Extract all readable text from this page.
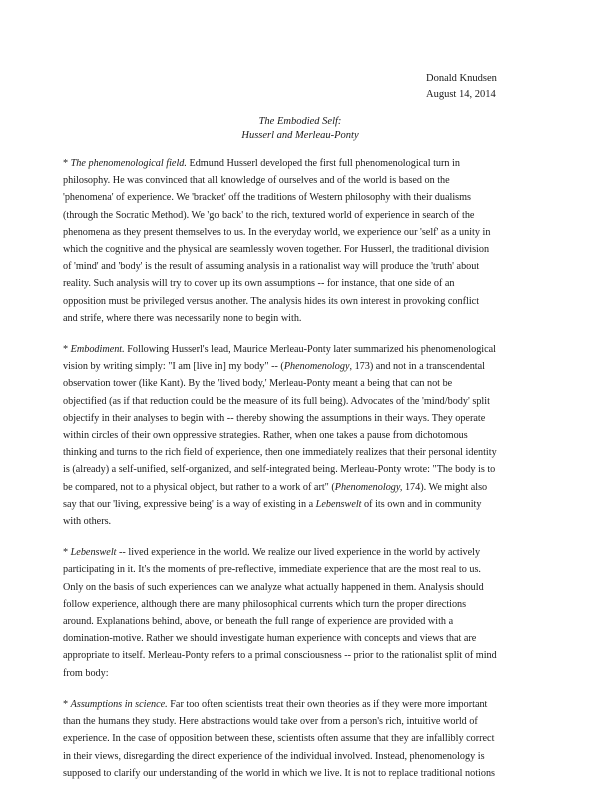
Donald Knudsen
August 14, 2014
The Embodied Self:
Husserl and Merleau-Ponty
* The phenomenological field. Edmund Husserl developed the first full phenomenological turn in
philosophy. He was convinced that all knowledge of ourselves and of the world is based on the
'phenomena' of experience. We 'bracket' off the traditions of Western philosophy with their dualisms
(through the Socratic Method). We 'go back' to the rich, textured world of experience in search of the
phenomena as they present themselves to us. In the everyday world, we experience our 'self' as a unity in
which the cognitive and the physical are seamlessly woven together. For Husserl, the traditional division
of 'mind' and 'body' is the result of assuming analysis in a rationalist way will produce the 'truth' about
reality. Such analysis will try to cover up its own assumptions -- for instance, that one side of an
opposition must be privileged versus another. The analysis hides its own interest in provoking conflict
and strife, where there was necessarily none to begin with.
* Embodiment. Following Husserl's lead, Maurice Merleau-Ponty later summarized his phenomenological
vision by writing simply: "I am [live in] my body" -- (Phenomenology, 173) and not in a transcendental
observation tower (like Kant). By the 'lived body,' Merleau-Ponty meant a being that can not be
objectified (as if that reduction could be the measure of its full being). Advocates of the 'mind/body' split
objectify in their analyses to begin with -- thereby showing the assumptions in their ways. They operate
within circles of their own oppressive strategies. Rather, when one takes a pause from dichotomous
thinking and turns to the rich field of experience, then one immediately realizes that their personal identity
is (already) a self-unified, self-organized, and self-integrated being. Merleau-Ponty wrote: "The body is to
be compared, not to a physical object, but rather to a work of art" (Phenomenology, 174). We might also
say that our 'living, expressive being' is a way of existing in a Lebenswelt of its own and in community
with others.
* Lebenswelt -- lived experience in the world. We realize our lived experience in the world by actively
participating in it. It's the moments of pre-reflective, immediate experience that are the most real to us.
Only on the basis of such experiences can we analyze what actually happened in them. Analysis should
follow experience, although there are many philosophical currents which turn the proper directions
around. Explanations behind, above, or beneath the full range of experience are provided with a
domination-motive. Rather we should investigate human experience with concepts and views that are
appropriate to itself. Merleau-Ponty refers to a primal consciousness -- prior to the rationalist split of mind
from body:
* Assumptions in science. Far too often scientists treat their own theories as if they were more important
than the humans they study. Here abstractions would take over from a person's rich, intuitive world of
experience. In the case of opposition between these, scientists often assume that they are infallibly correct
in their views, disregarding the direct experience of the individual involved. Instead, phenomenology is
supposed to clarify our understanding of the world in which we live. It is not to replace traditional notions
